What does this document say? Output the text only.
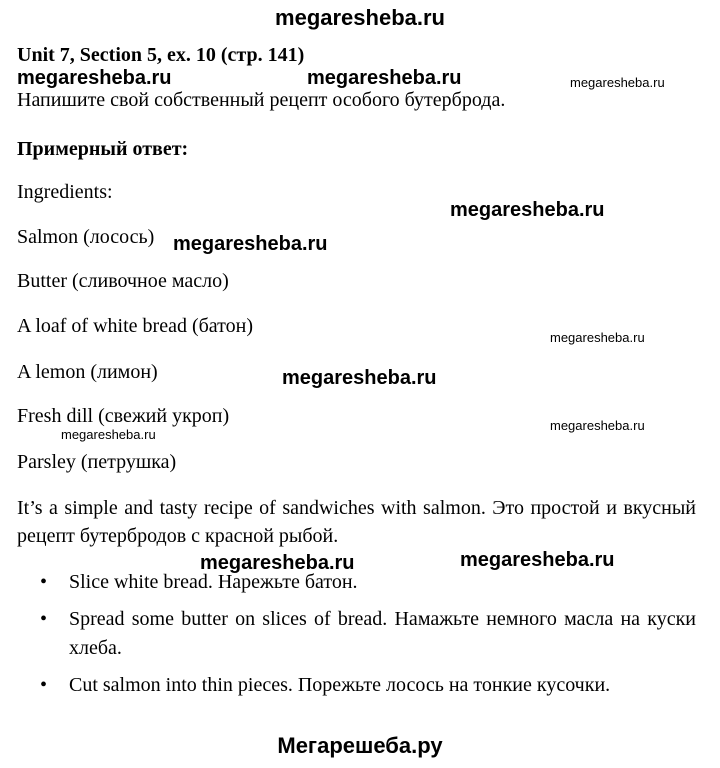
megaresheba.ru
Unit 7, Section 5, ex. 10 (стр. 141)
megaresheba.ru	megaresheba.ru	megaresheba.ru
Напишите свой собственный рецепт особого бутерброда.
Примерный ответ:
Ingredients:
megaresheba.ru
Salmon (лосось) megaresheba.ru
Butter (сливочное масло)
A loaf of white bread (батон)
megaresheba.ru
A lemon (лимон)	megaresheba.ru
Fresh dill (свежий укроп)	megaresheba.ru
megaresheba.ru
Parsley (петрушка)
It’s a simple and tasty recipe of sandwiches with salmon. Это простой и вкусный рецепт бутербродов с красной рыбой.
megaresheba.ru	megaresheba.ru
• Slice white bread. Нарежьте батон.
• Spread some butter on slices of bread. Намажьте немного масла на куски хлеба.
• Cut salmon into thin pieces. Порежьте лосось на тонкие кусочки.
Мегарешеба.ру
